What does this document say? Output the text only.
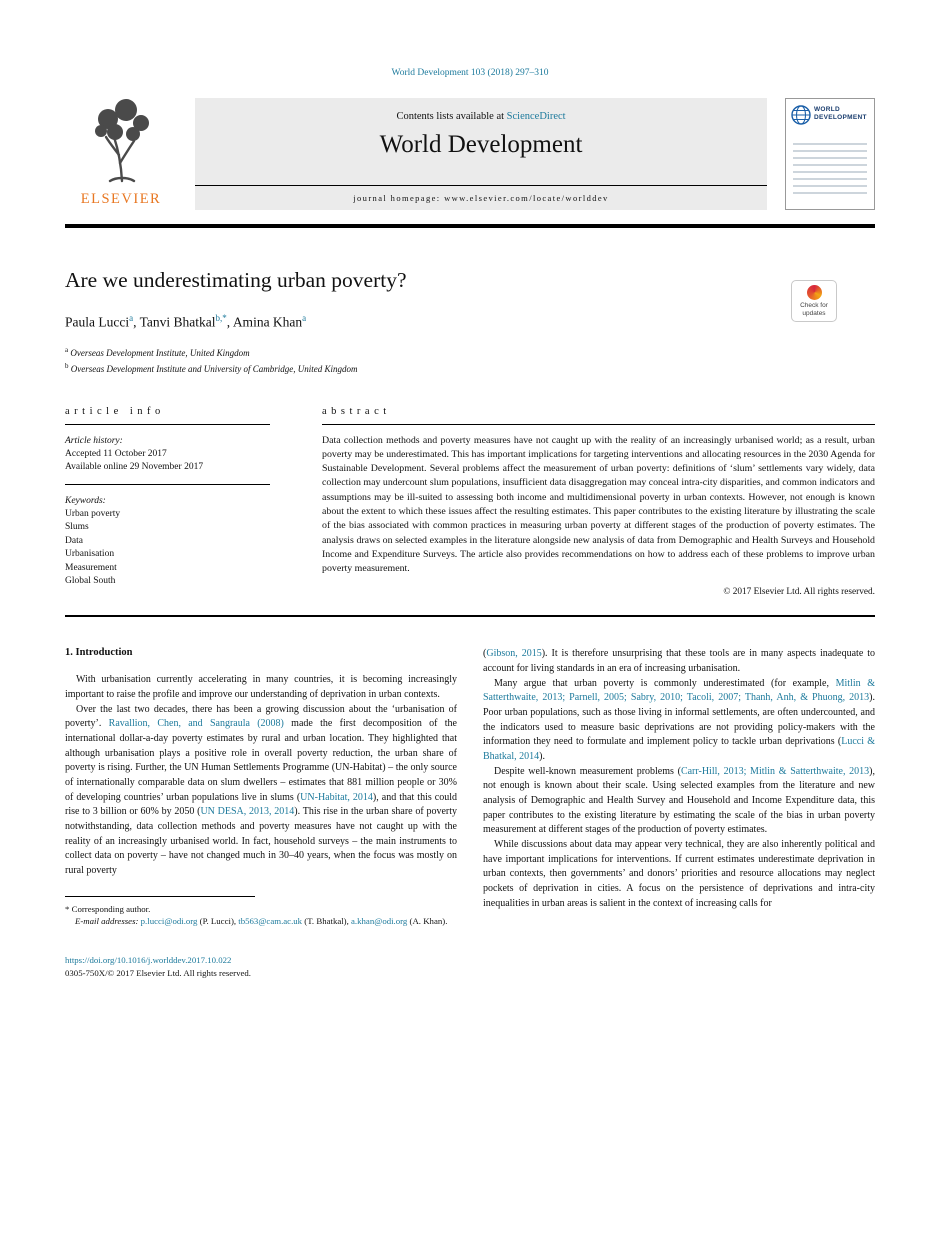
World Development 103 (2018) 297–310
ELSEVIER
Contents lists available at ScienceDirect
World Development
journal homepage: www.elsevier.com/locate/worlddev
WORLD DEVELOPMENT
Are we underestimating urban poverty?
Paula Lucci$^a$, Tanvi Bhatkal$^{b,*}$, Amina Khan$^a$
$^a$ Overseas Development Institute, United Kingdom
$^b$ Overseas Development Institute and University of Cambridge, United Kingdom
article info
Article history:
Accepted 11 October 2017
Available online 29 November 2017
Keywords:
Urban poverty
Slums
Data
Urbanisation
Measurement
Global South
abstract
Data collection methods and poverty measures have not caught up with the reality of an increasingly urbanised world; as a result, urban poverty may be underestimated. This has important implications for targeting interventions and allocating resources in the 2030 Agenda for Sustainable Development. Several problems affect the measurement of urban poverty: definitions of ‘slum’ settlements vary widely, data collection may undercount slum populations, insufficient data disaggregation may conceal intra-city disparities, and common indicators and assumptions may be ill-suited to assessing both income and multidimensional poverty in urban contexts. However, not enough is known about the extent to which these issues affect the resulting estimates. This paper contributes to the existing literature by illustrating the scale of the bias associated with common practices in measuring urban poverty at different stages of the production of poverty estimates. The analysis draws on selected examples in the literature alongside new analysis of data from Demographic and Health Surveys and Household Income and Expenditure Surveys. The article also provides recommendations on how to address each of these problems to improve urban poverty measurement.
© 2017 Elsevier Ltd. All rights reserved.
1. Introduction

With urbanisation currently accelerating in many countries, it is becoming increasingly important to raise the profile and improve our understanding of deprivation in urban contexts.

Over the last two decades, there has been a growing discussion about the ‘urbanisation of poverty’. Ravallion, Chen, and Sangraula (2008) made the first decomposition of the international dollar-a-day poverty estimates by rural and urban location. They highlighted that although urbanisation plays a positive role in overall poverty reduction, the urban share of poverty is rising. Further, the UN Human Settlements Programme (UN-Habitat) – the only source of internationally comparable data on slum dwellers – estimates that 881 million people or 30% of developing countries’ urban populations live in slums (UN-Habitat, 2014), and that this could rise to 3 billion or 60% by 2050 (UN DESA, 2013, 2014). This rise in the urban share of poverty notwithstanding, data collection methods and poverty measures have not caught up with the reality of an increasingly urbanised world. In fact, household surveys – the main instruments to collect data on poverty – have not changed much in 30–40 years, when the focus was mostly on rural poverty

* Corresponding author.
E-mail addresses: p.lucci@odi.org (P. Lucci), tb563@cam.ac.uk (T. Bhatkal), a.khan@odi.org (A. Khan).
https://doi.org/10.1016/j.worlddev.2017.10.022
0305-750X/© 2017 Elsevier Ltd. All rights reserved.

(Gibson, 2015). It is therefore unsurprising that these tools are in many aspects inadequate to account for living standards in an era of increasing urbanisation.

Many argue that urban poverty is commonly underestimated (for example, Mitlin & Satterthwaite, 2013; Parnell, 2005; Sabry, 2010; Tacoli, 2007; Thanh, Anh, & Phuong, 2013). Poor urban populations, such as those living in informal settlements, are often undercounted, and the indicators used to measure basic deprivations are not providing policy-makers with the information they need to formulate and implement policy to tackle urban deprivations (Lucci & Bhatkal, 2014).

Despite well-known measurement problems (Carr-Hill, 2013; Mitlin & Satterthwaite, 2013), not enough is known about their scale. Using selected examples from the literature and new analysis of Demographic and Health Survey and Household and Income Expenditure data, this paper contributes to the existing literature by estimating the scale of the bias in urban poverty measurement at different stages of the production of poverty estimates.

While discussions about data may appear very technical, they are also inherently political and have important implications for interventions. If current estimates underestimate deprivation in urban contexts, then governments’ and donors’ priorities and resource allocations may neglect pockets of deprivation in cities. A focus on the persistence of deprivations and intra-city inequalities in urban areas is salient in the context of increasing calls for

Check for
updates
